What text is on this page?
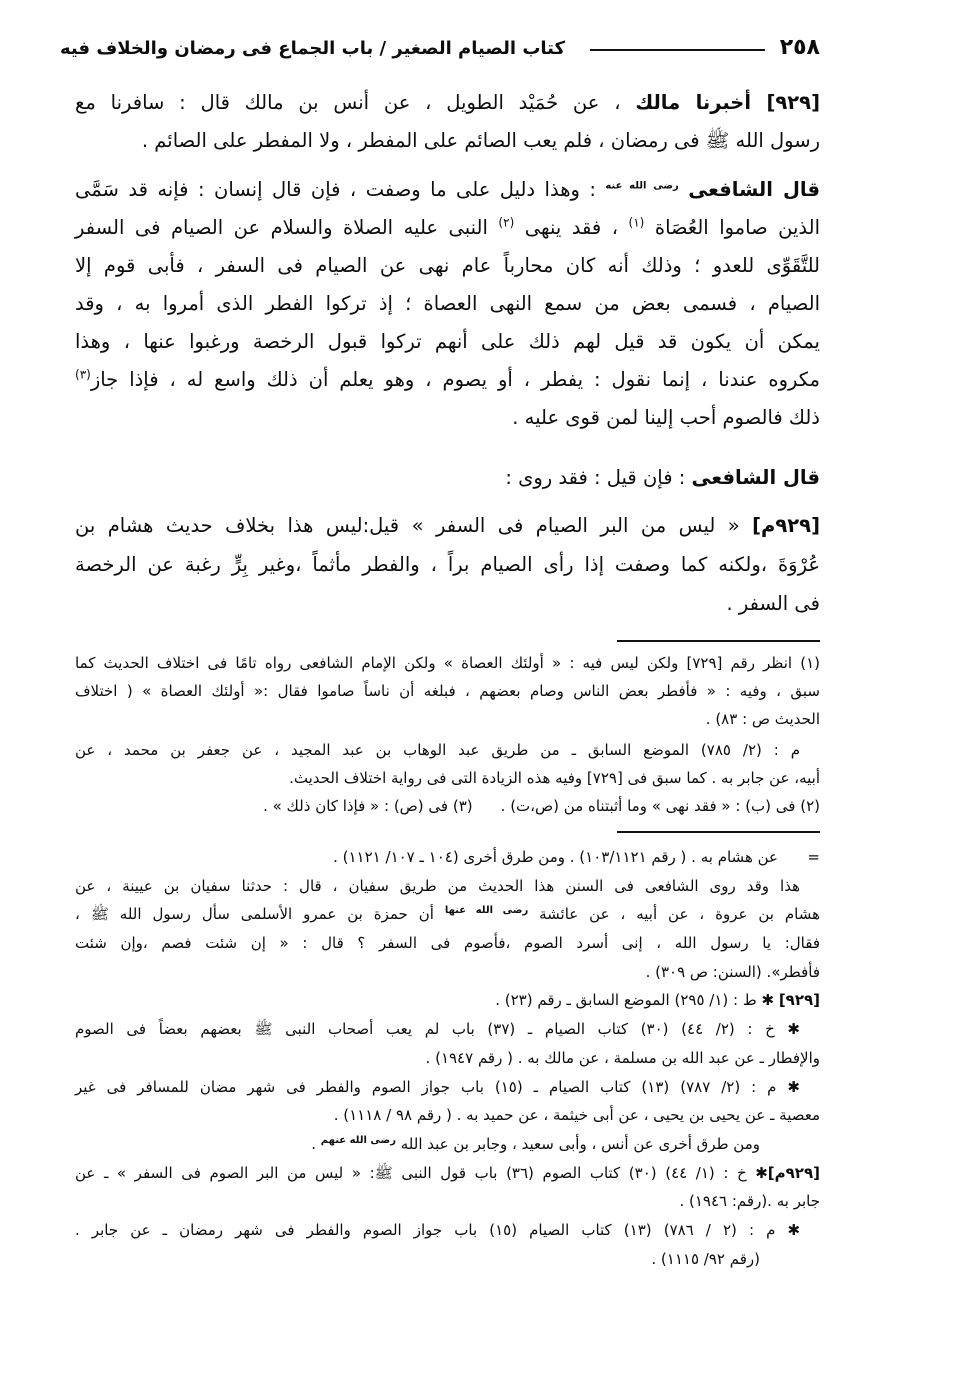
٢٥٨
كتاب الصيام الصغير / باب الجماع فى رمضان والخلاف فيه
[٩٢٩] أخبرنا مالك ، عن حُمَيْد الطويل ، عن أنس بن مالك قال : سافرنا مع
رسول الله ﷺ فى رمضان ، فلم يعب الصائم على المفطر ، ولا المفطر على الصائم .
قال الشافعى $^{رضى الله عنه}$ : وهذا دليل على ما وصفت ، فإن قال إنسان : فإنه قد سَمَّى
الذين صاموا العُصَاة $^{(١)}$ ، فقد ينهى $^{(٢)}$ النبى عليه الصلاة والسلام عن الصيام فى السفر
للتَّقَوِّى للعدو ؛ وذلك أنه كان محارباً عام نهى عن الصيام فى السفر ، فأبى قوم إلا
الصيام ، فسمى بعض من سمع النهى العصاة ؛ إذ تركوا الفطر الذى أمروا به ، وقد
يمكن أن يكون قد قيل لهم ذلك على أنهم تركوا قبول الرخصة ورغبوا عنها ، وهذا
مكروه عندنا ، إنما نقول : يفطر ، أو يصوم ، وهو يعلم أن ذلك واسع له ، فإذا جاز$^{(٣)}$
ذلك فالصوم أحب إلينا لمن قوى عليه .
قال الشافعى : فإن قيل : فقد روى :
[٩٢٩م] « ليس من البر الصيام فى السفر » قيل:ليس هذا بخلاف حديث هشام بن
عُرْوَةَ ،ولكنه كما وصفت إذا رأى الصيام براً ، والفطر مأثماً ،وغير بِرٍّ رغبة عن الرخصة
فى السفر .
(١) انظر رقم [٧٢٩] ولكن ليس فيه : « أولئك العصاة » ولكن الإمام الشافعى رواه تامًا فى اختلاف الحديث كما
سبق ، وفيه : « فأفطر بعض الناس وصام بعضهم ، فبلغه أن ناساً صاموا فقال :« أولئك العصاة » ( اختلاف
الحديث ص : ٨٣) .
م : (٢/ ٧٨٥) الموضع السابق ـ من طريق عبد الوهاب بن عبد المجيد ، عن جعفر بن محمد ، عن
أبيه، عن جابر به . كما سبق فى [٧٢٩] وفيه هذه الزيادة التى فى رواية اختلاف الحديث.
(٢) فى (ب) : « فقد نهى » وما أثبتناه من (ص،ت) .(٣) فى (ص) : « فإذا كان ذلك » .
=عن هشام به . ( رقم ١٠٣/١١٢١) . ومن طرق أخرى (١٠٤ ـ ١٠٧/ ١١٢١) .
هذا وقد روى الشافعى فى السنن هذا الحديث من طريق سفيان ، قال : حدثنا سفيان بن عيينة ، عن
هشام بن عروة ، عن أبيه ، عن عائشة $^{رضى الله عنها}$ أن حمزة بن عمرو الأسلمى سأل رسول الله ﷺ ،
فقال: يا رسول الله ، إنى أسرد الصوم ،فأصوم فى السفر ؟ قال : « إن شئت فصم ،وإن شئت
فأفطر». (السنن: ص ٣٠٩) .
[٩٢٩] ✱ ط : (١/ ٢٩٥) الموضع السابق ـ رقم (٢٣) .
✱ خ : (٢/ ٤٤) (٣٠) كتاب الصيام ـ (٣٧) باب لم يعب أصحاب النبى ﷺ بعضهم بعضاً فى الصوم
والإفطار ـ عن عبد الله بن مسلمة ، عن مالك به . ( رقم ١٩٤٧) .
✱ م : (٢/ ٧٨٧) (١٣) كتاب الصيام ـ (١٥) باب جواز الصوم والفطر فى شهر مضان للمسافر فى غير
معصية ـ عن يحيى بن يحيى ، عن أبى خيثمة ، عن حميد به . ( رقم ٩٨ / ١١١٨) .
ومن طرق أخرى عن أنس ، وأبى سعيد ، وجابر بن عبد الله $^{رضى الله عنهم}$ .
[٩٢٩م]✱ خ : (١/ ٤٤) (٣٠) كتاب الصوم (٣٦) باب قول النبى ﷺ: « ليس من البر الصوم فى السفر » ـ عن
جابر به .(رقم: ١٩٤٦) .
✱ م : (٢ / ٧٨٦) (١٣) كتاب الصيام (١٥) باب جواز الصوم والفطر فى شهر رمضان ـ عن جابر .
(رقم ٩٢/ ١١١٥) .
